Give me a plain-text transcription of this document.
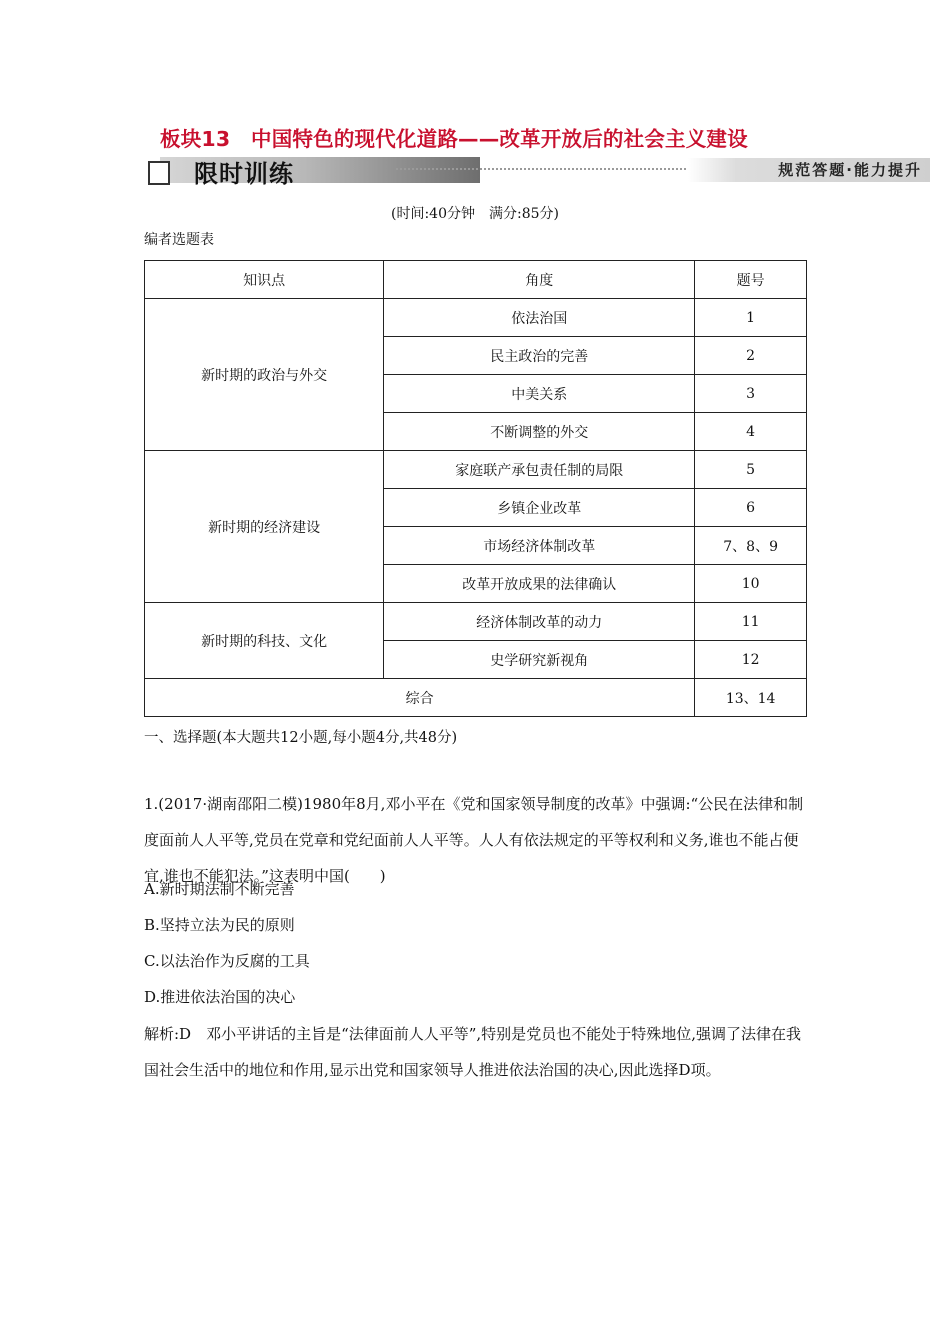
板块13　中国特色的现代化道路——改革开放后的社会主义建设
限时训练	规范答题·能力提升
(时间:40分钟　满分:85分)
编者选题表
知识点	角度	题号
新时期的政治与外交	依法治国	1
	民主政治的完善	2
	中美关系	3
	不断调整的外交	4
新时期的经济建设	家庭联产承包责任制的局限	5
	乡镇企业改革	6
	市场经济体制改革	7、8、9
	改革开放成果的法律确认	10
新时期的科技、文化	经济体制改革的动力	11
	史学研究新视角	12
综合		13、14
一、选择题(本大题共12小题,每小题4分,共48分)
1.(2017·湖南邵阳二模)1980年8月,邓小平在《党和国家领导制度的改革》中强调:“公民在法律和制度面前人人平等,党员在党章和党纪面前人人平等。人人有依法规定的平等权利和义务,谁也不能占便宜,谁也不能犯法。”这表明中国(　　)
A.新时期法制不断完善
B.坚持立法为民的原则
C.以法治作为反腐的工具
D.推进依法治国的决心
解析:D　邓小平讲话的主旨是“法律面前人人平等”,特别是党员也不能处于特殊地位,强调了法律在我国社会生活中的地位和作用,显示出党和国家领导人推进依法治国的决心,因此选择D项。
